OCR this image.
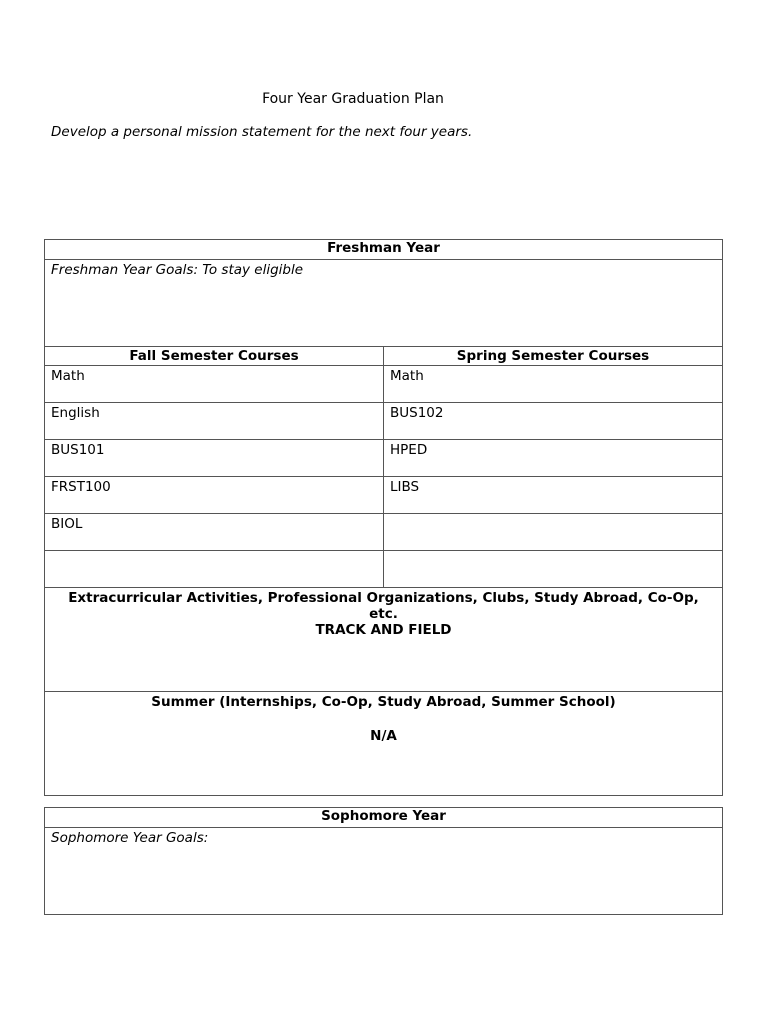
Four Year Graduation Plan
Develop a personal mission statement for the next four years.
Freshman Year	
Freshman Year Goals: To stay eligible	
Fall Semester Courses	Spring Semester Courses
Math	Math
English	BUS102
BUS101	HPED
FRST100	LIBS
BIOL	

Extracurricular Activities, Professional Organizations, Clubs, Study Abroad, Co-Op, etc.
TRACK AND FIELD	

Summer (Internships, Co-Op, Study Abroad, Summer School)
N/A	
Sophomore Year
Sophomore Year Goals:
